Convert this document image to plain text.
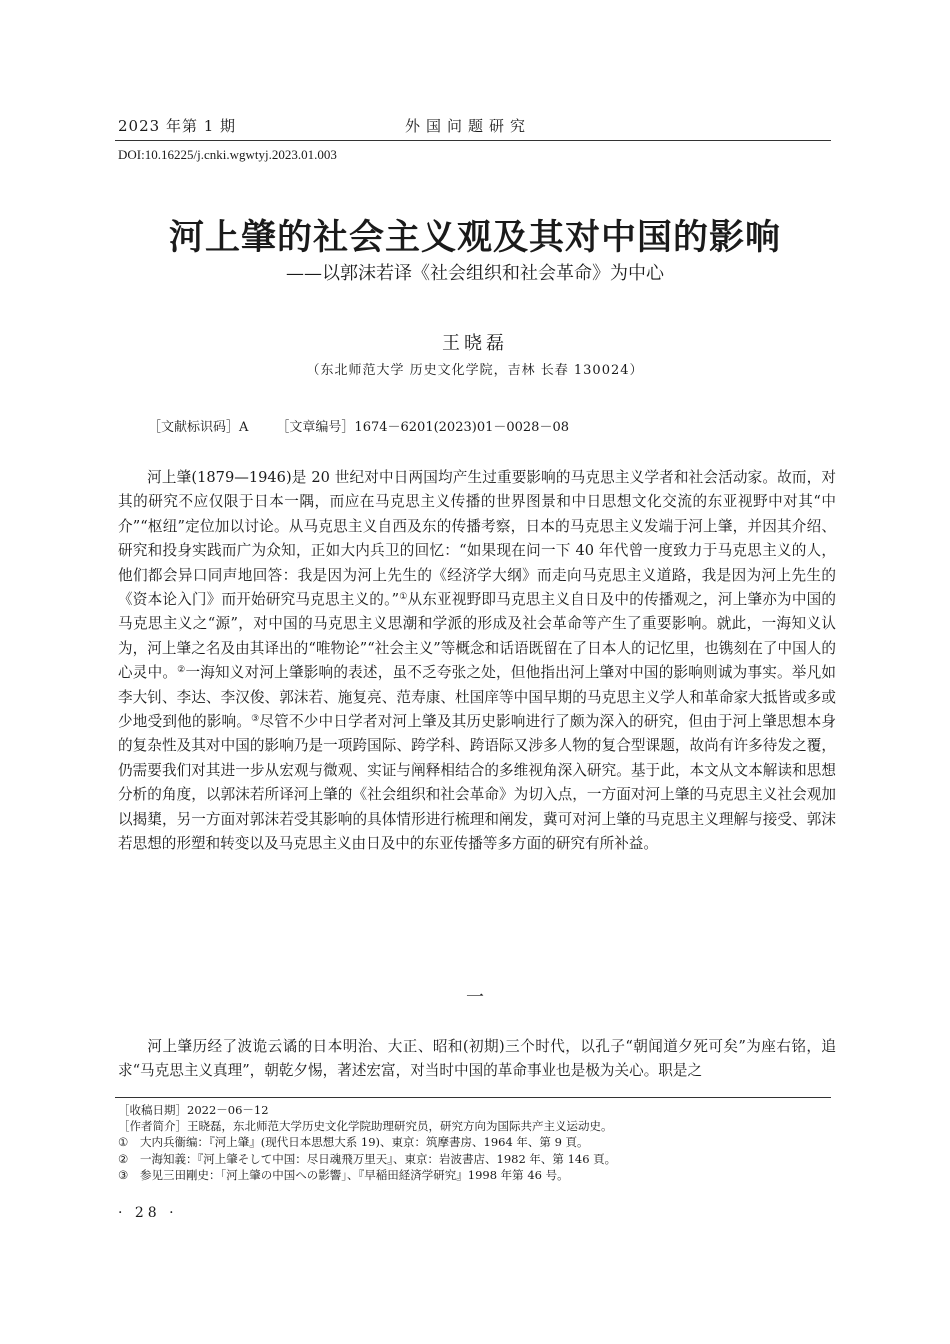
2023 年第 1 期	外国问题研究
DOI:10.16225/j.cnki.wgwtyj.2023.01.003
河上肇的社会主义观及其对中国的影响
——以郭沫若译《社会组织和社会革命》为中心
王晓磊
（东北师范大学 历史文化学院，吉林 长春 130024）
［文献标识码］A ［文章编号］1674－6201(2023)01－0028－08

河上肇(1879—1946)是 20 世纪对中日两国均产生过重要影响的马克思主义学者和社会活动家。故而，对其的研究不应仅限于日本一隅，而应在马克思主义传播的世界图景和中日思想文化交流的东亚视野中对其“中介”“枢纽”定位加以讨论。从马克思主义自西及东的传播考察，日本的马克思主义发端于河上肇，并因其介绍、研究和投身实践而广为众知，正如大内兵卫的回忆：“如果现在问一下 40 年代曾一度致力于马克思主义的人，他们都会异口同声地回答：我是因为河上先生的《经济学大纲》而走向马克思主义道路，我是因为河上先生的《资本论入门》而开始研究马克思主义的。”①从东亚视野即马克思主义自日及中的传播观之，河上肇亦为中国的马克思主义之“源”，对中国的马克思主义思潮和学派的形成及社会革命等产生了重要影响。就此，一海知义认为，河上肇之名及由其译出的“唯物论”“社会主义”等概念和话语既留在了日本人的记忆里，也镌刻在了中国人的心灵中。②一海知义对河上肇影响的表述，虽不乏夸张之处，但他指出河上肇对中国的影响则诚为事实。举凡如李大钊、李达、李汉俊、郭沫若、施复亮、范寿康、杜国庠等中国早期的马克思主义学人和革命家大抵皆或多或少地受到他的影响。③尽管不少中日学者对河上肇及其历史影响进行了颇为深入的研究，但由于河上肇思想本身的复杂性及其对中国的影响乃是一项跨国际、跨学科、跨语际又涉多人物的复合型课题，故尚有许多待发之覆，仍需要我们对其进一步从宏观与微观、实证与阐释相结合的多维视角深入研究。基于此，本文从文本解读和思想分析的角度，以郭沫若所译河上肇的《社会组织和社会革命》为切入点，一方面对河上肇的马克思主义社会观加以揭橥，另一方面对郭沫若受其影响的具体情形进行梳理和阐发，冀可对河上肇的马克思主义理解与接受、郭沫若思想的形塑和转变以及马克思主义由日及中的东亚传播等多方面的研究有所补益。

一

河上肇历经了波诡云谲的日本明治、大正、昭和(初期)三个时代，以孔子“朝闻道夕死可矣”为座右铭，追求“马克思主义真理”，朝乾夕惕，著述宏富，对当时中国的革命事业也是极为关心。职是之

［收稿日期］2022－06－12
［作者简介］王晓磊，东北师范大学历史文化学院助理研究员，研究方向为国际共产主义运动史。
① 大内兵衞编：『河上肇』(现代日本思想大系 19)、東京：筑摩書房、1964 年、第 9 頁。
② 一海知義：『河上肇そして中国：尽日魂飛万里天』、東京：岩波書店、1982 年、第 146 頁。
③ 参见三田剛史：「河上肇の中国への影響」、『早稲田経済学研究』1998 年第 46 号。
· 28 ·
